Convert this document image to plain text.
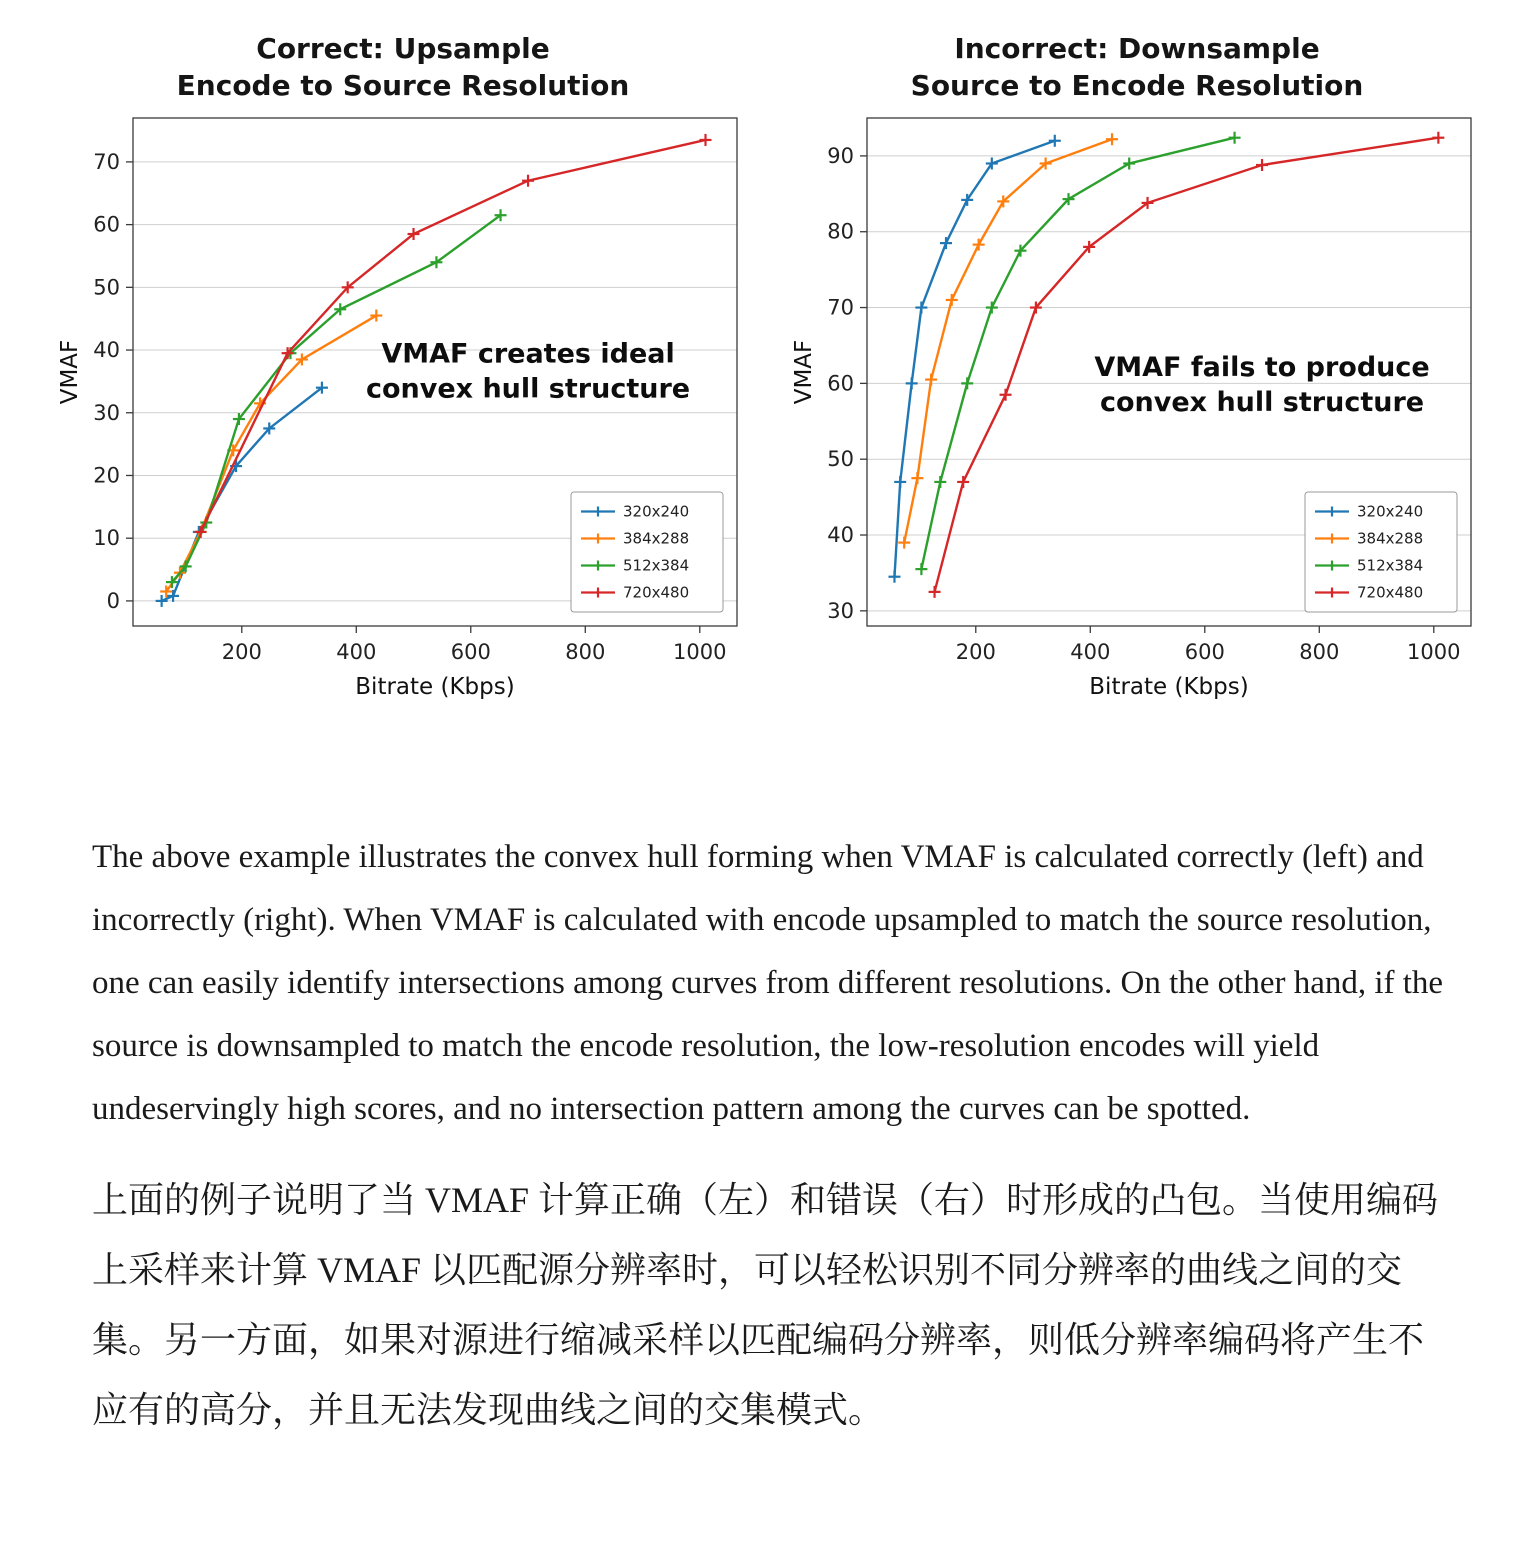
Correct: Upsample
Encode to Source Resolution
200	400	600	800	1000
0
10
20
30
40
50
60
70
Bitrate (Kbps)
VMAF	VMAF creates ideal
convex hull structure
320x240
384x288
512x384
720x480
Incorrect: Downsample
Source to Encode Resolution
200	400	600	800	1000
30
40
50
60
70
80
90
Bitrate (Kbps)
VMAF	VMAF fails to produce
convex hull structure
320x240
384x288
512x384
720x480

The above example illustrates the convex hull forming when VMAF is calculated correctly (left) and incorrectly (right). When VMAF is calculated with encode upsampled to match the source resolution, one can easily identify intersections among curves from different resolutions. On the other hand, if the source is downsampled to match the encode resolution, the low-resolution encodes will yield undeservingly high scores, and no intersection pattern among the curves can be spotted.

上面的例子说明了当 VMAF 计算正确（左）和错误（右）时形成的凸包。当使用编码上采样来计算 VMAF 以匹配源分辨率时，可以轻松识别不同分辨率的曲线之间的交集。另一方面，如果对源进行缩减采样以匹配编码分辨率，则低分辨率编码将产生不应有的高分，并且无法发现曲线之间的交集模式。
